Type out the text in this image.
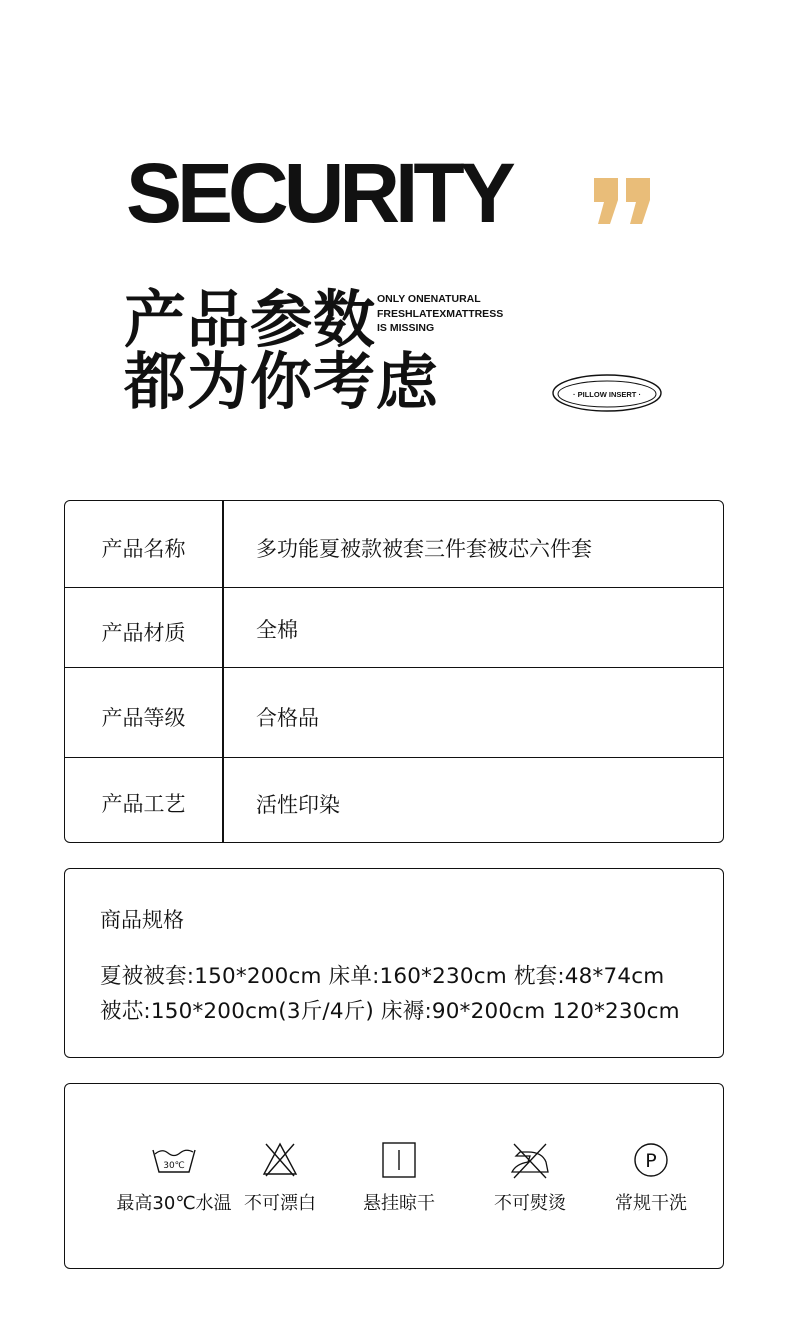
SECURITY
产品参数
都为你考虑
ONLY ONENATURAL
FRESHLATEXMATTRESS
IS MISSING
· PILLOW INSERT ·
产品名称	多功能夏被款被套三件套被芯六件套
产品材质	全棉
产品等级	合格品
产品工艺	活性印染
商品规格
夏被被套:150*200cm 床单:160*230cm 枕套:48*74cm
被芯:150*200cm(3斤/4斤) 床褥:90*200cm 120*230cm
30℃
最高30℃水温 不可漂白	悬挂晾干	不可熨烫
P
常规干洗
